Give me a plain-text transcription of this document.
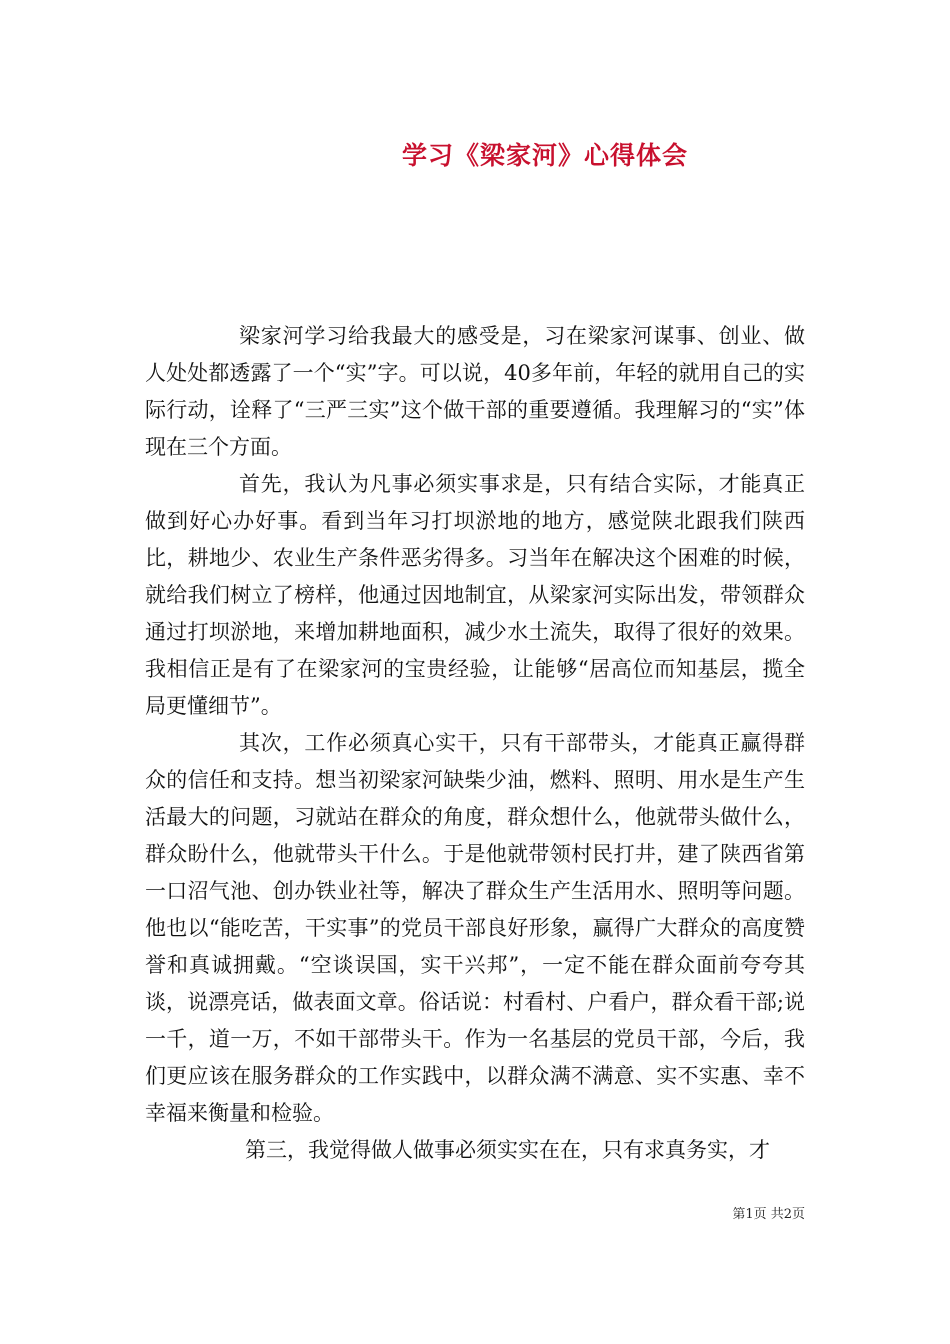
学习《梁家河》心得体会

梁家河学习给我最大的感受是，习在梁家河谋事、创业、做人处处都透露了一个“实”字。可以说，40多年前，年轻的就用自己的实际行动，诠释了“三严三实”这个做干部的重要遵循。我理解习的“实”体现在三个方面。

首先，我认为凡事必须实事求是，只有结合实际，才能真正做到好心办好事。看到当年习打坝淤地的地方，感觉陕北跟我们陕西比，耕地少、农业生产条件恶劣得多。习当年在解决这个困难的时候，就给我们树立了榜样，他通过因地制宜，从梁家河实际出发，带领群众通过打坝淤地，来增加耕地面积，减少水土流失，取得了很好的效果。我相信正是有了在梁家河的宝贵经验，让能够“居高位而知基层，揽全局更懂细节”。

其次，工作必须真心实干，只有干部带头，才能真正赢得群众的信任和支持。想当初梁家河缺柴少油，燃料、照明、用水是生产生活最大的问题，习就站在群众的角度，群众想什么，他就带头做什么，群众盼什么，他就带头干什么。于是他就带领村民打井，建了陕西省第一口沼气池、创办铁业社等，解决了群众生产生活用水、照明等问题。他也以“能吃苦，干实事”的党员干部良好形象，赢得广大群众的高度赞誉和真诚拥戴。“空谈误国，实干兴邦”，一定不能在群众面前夸夸其谈，说漂亮话，做表面文章。俗话说：村看村、户看户，群众看干部;说一千，道一万，不如干部带头干。作为一名基层的党员干部，今后，我们更应该在服务群众的工作实践中，以群众满不满意、实不实惠、幸不幸福来衡量和检验。

第三，我觉得做人做事必须实实在在，只有求真务实，才

第1页 共2页
